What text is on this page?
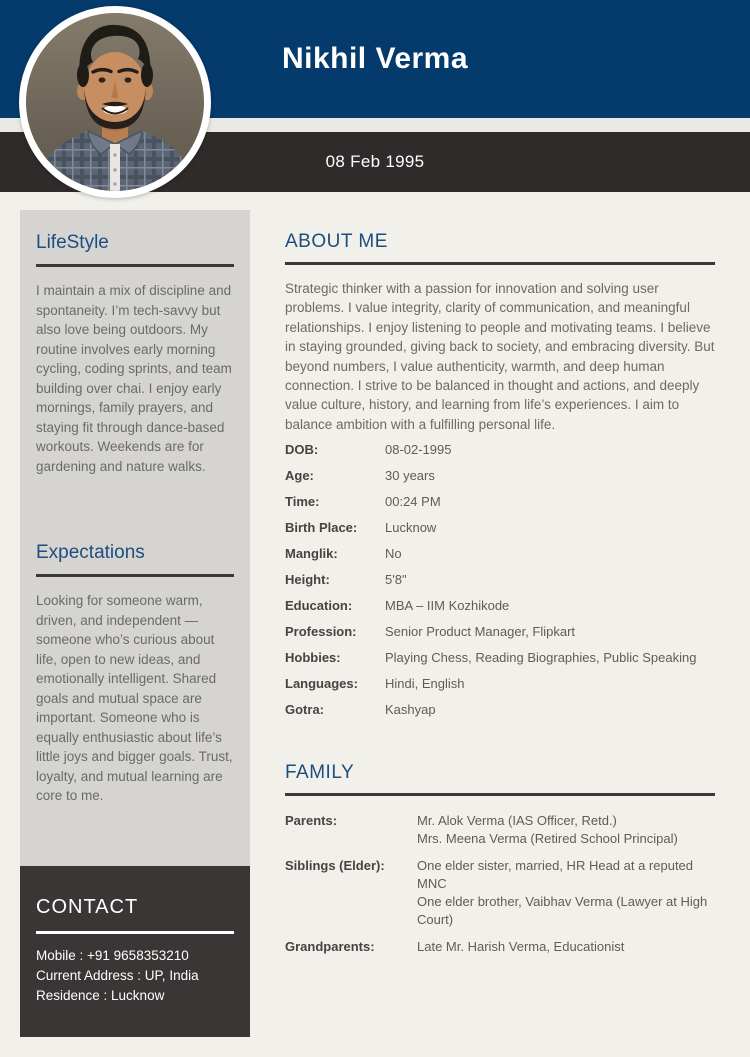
08 Feb 1995
Nikhil Verma
LifeStyle

I maintain a mix of discipline and spontaneity. I’m tech-savvy but also love being outdoors. My routine involves early morning cycling, coding sprints, and team building over chai. I enjoy early mornings, family prayers, and staying fit through dance-based workouts. Weekends are for gardening and nature walks.

Expectations

Looking for someone warm, driven, and independent — someone who’s curious about life, open to new ideas, and emotionally intelligent. Shared goals and mutual space are important. Someone who is equally enthusiastic about life’s little joys and bigger goals. Trust, loyalty, and mutual learning are core to me.

CONTACT
Mobile : +91 9658353210
Current Address : UP, India
Residence : Lucknow
ABOUT ME

Strategic thinker with a passion for innovation and solving user problems. I value integrity, clarity of communication, and meaningful relationships. I enjoy listening to people and motivating teams. I believe in staying grounded, giving back to society, and embracing diversity. But beyond numbers, I value authenticity, warmth, and deep human connection. I strive to be balanced in thought and actions, and deeply value culture, history, and learning from life’s experiences. I aim to balance ambition with a fulfilling personal life.

DOB:	08-02-1995
Age:	30 years
Time:	00:24 PM
Birth Place:	Lucknow
Manglik:	No
Height:	5'8"
Education:	MBA – IIM Kozhikode
Profession:	Senior Product Manager, Flipkart
Hobbies:	Playing Chess, Reading Biographies, Public Speaking
Languages:	Hindi, English
Gotra:	Kashyap
FAMILY
Parents:	Mr. Alok Verma (IAS Officer, Retd.)
Mrs. Meena Verma (Retired School Principal)
Siblings (Elder):	One elder sister, married, HR Head at a reputed MNC
One elder brother, Vaibhav Verma (Lawyer at High Court)
Grandparents:	Late Mr. Harish Verma, Educationist
